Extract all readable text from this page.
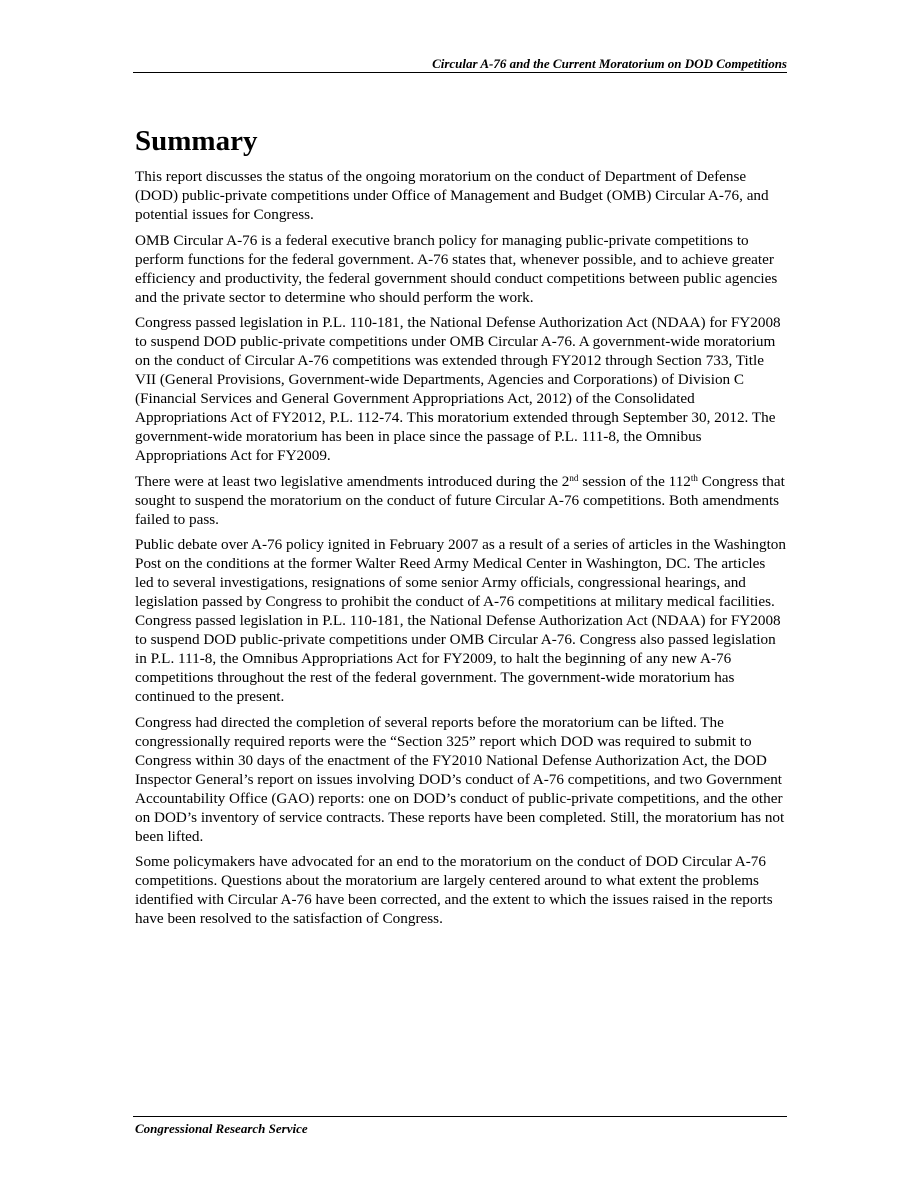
Circular A-76 and the Current Moratorium on DOD Competitions
Summary

This report discusses the status of the ongoing moratorium on the conduct of Department of Defense (DOD) public-private competitions under Office of Management and Budget (OMB) Circular A-76, and potential issues for Congress.

OMB Circular A-76 is a federal executive branch policy for managing public-private competitions to perform functions for the federal government. A-76 states that, whenever possible, and to achieve greater efficiency and productivity, the federal government should conduct competitions between public agencies and the private sector to determine who should perform the work.

Congress passed legislation in P.L. 110-181, the National Defense Authorization Act (NDAA) for FY2008 to suspend DOD public-private competitions under OMB Circular A-76. A government-wide moratorium on the conduct of Circular A-76 competitions was extended through FY2012 through Section 733, Title VII (General Provisions, Government-wide Departments, Agencies and Corporations) of Division C (Financial Services and General Government Appropriations Act, 2012) of the Consolidated Appropriations Act of FY2012, P.L. 112-74. This moratorium extended through September 30, 2012. The government-wide moratorium has been in place since the passage of P.L. 111-8, the Omnibus Appropriations Act for FY2009.

There were at least two legislative amendments introduced during the 2nd session of the 112th Congress that sought to suspend the moratorium on the conduct of future Circular A-76 competitions. Both amendments failed to pass.

Public debate over A-76 policy ignited in February 2007 as a result of a series of articles in the Washington Post on the conditions at the former Walter Reed Army Medical Center in Washington, DC. The articles led to several investigations, resignations of some senior Army officials, congressional hearings, and legislation passed by Congress to prohibit the conduct of A-76 competitions at military medical facilities. Congress passed legislation in P.L. 110-181, the National Defense Authorization Act (NDAA) for FY2008 to suspend DOD public-private competitions under OMB Circular A-76. Congress also passed legislation in P.L. 111-8, the Omnibus Appropriations Act for FY2009, to halt the beginning of any new A-76 competitions throughout the rest of the federal government. The government-wide moratorium has continued to the present.

Congress had directed the completion of several reports before the moratorium can be lifted. The congressionally required reports were the “Section 325” report which DOD was required to submit to Congress within 30 days of the enactment of the FY2010 National Defense Authorization Act, the DOD Inspector General’s report on issues involving DOD’s conduct of A-76 competitions, and two Government Accountability Office (GAO) reports: one on DOD’s conduct of public-private competitions, and the other on DOD’s inventory of service contracts. These reports have been completed. Still, the moratorium has not been lifted.

Some policymakers have advocated for an end to the moratorium on the conduct of DOD Circular A-76 competitions. Questions about the moratorium are largely centered around to what extent the problems identified with Circular A-76 have been corrected, and the extent to which the issues raised in the reports have been resolved to the satisfaction of Congress.

Congressional Research Service
